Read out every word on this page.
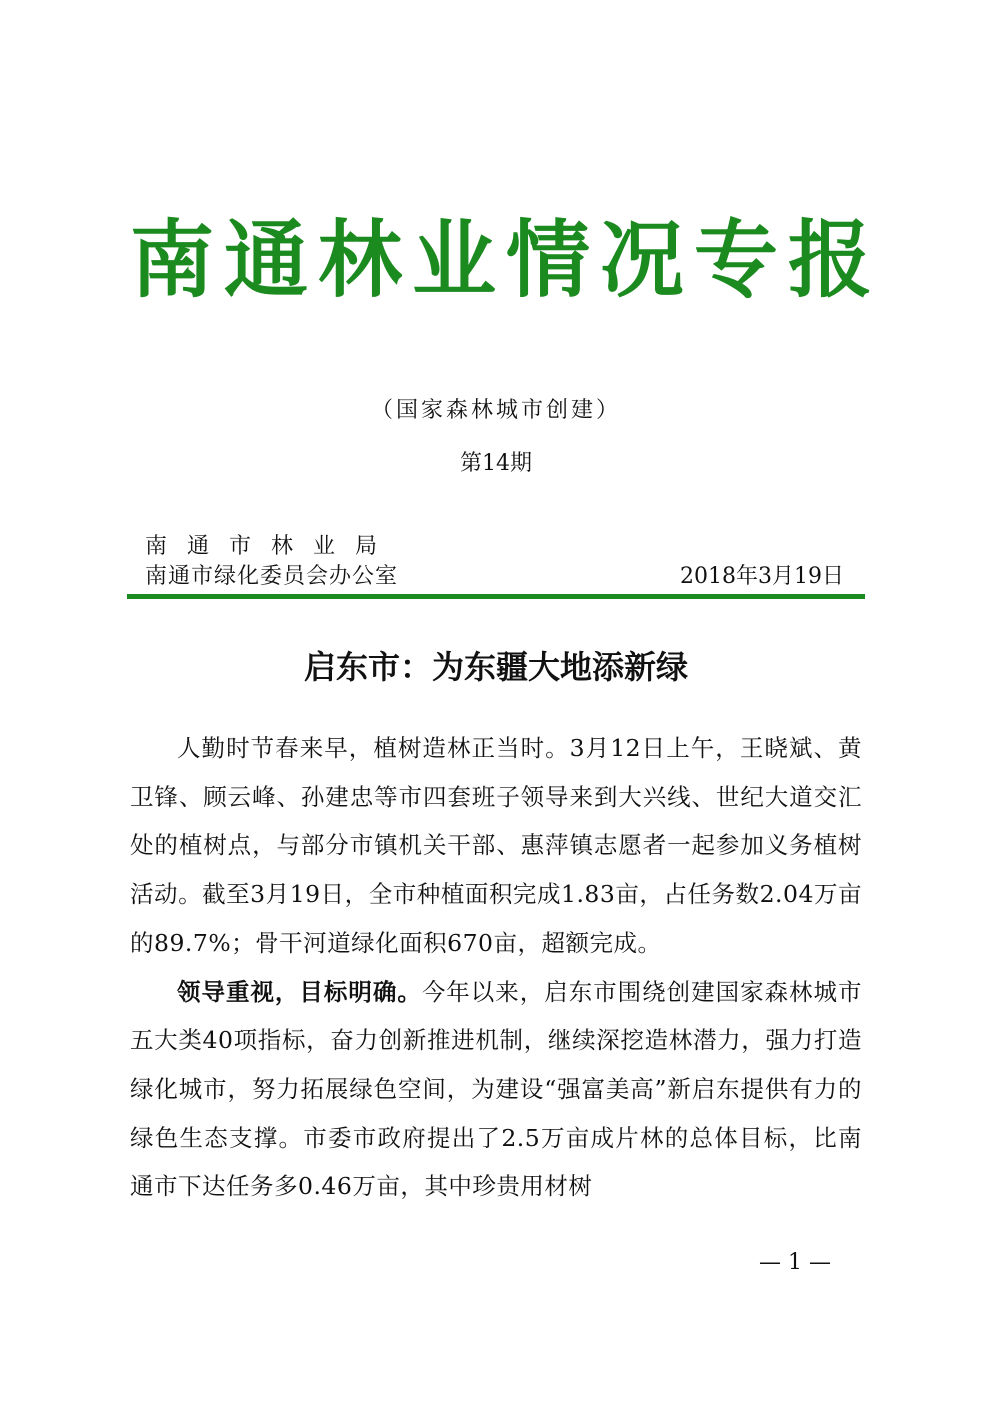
南通林业情况专报
（国家森林城市创建）
第14期
南通市林业局
南通市绿化委员会办公室	2018年3月19日
启东市：为东疆大地添新绿

人勤时节春来早，植树造林正当时。3月12日上午，王晓斌、黄卫锋、顾云峰、孙建忠等市四套班子领导来到大兴线、世纪大道交汇处的植树点，与部分市镇机关干部、惠萍镇志愿者一起参加义务植树活动。截至3月19日，全市种植面积完成1.83亩，占任务数2.04万亩的89.7%；骨干河道绿化面积670亩，超额完成。

领导重视，目标明确。今年以来，启东市围绕创建国家森林城市五大类40项指标，奋力创新推进机制，继续深挖造林潜力，强力打造绿化城市，努力拓展绿色空间，为建设“强富美高”新启东提供有力的绿色生态支撑。市委市政府提出了2.5万亩成片林的总体目标，比南通市下达任务多0.46万亩，其中珍贵用材树

— 1 —
